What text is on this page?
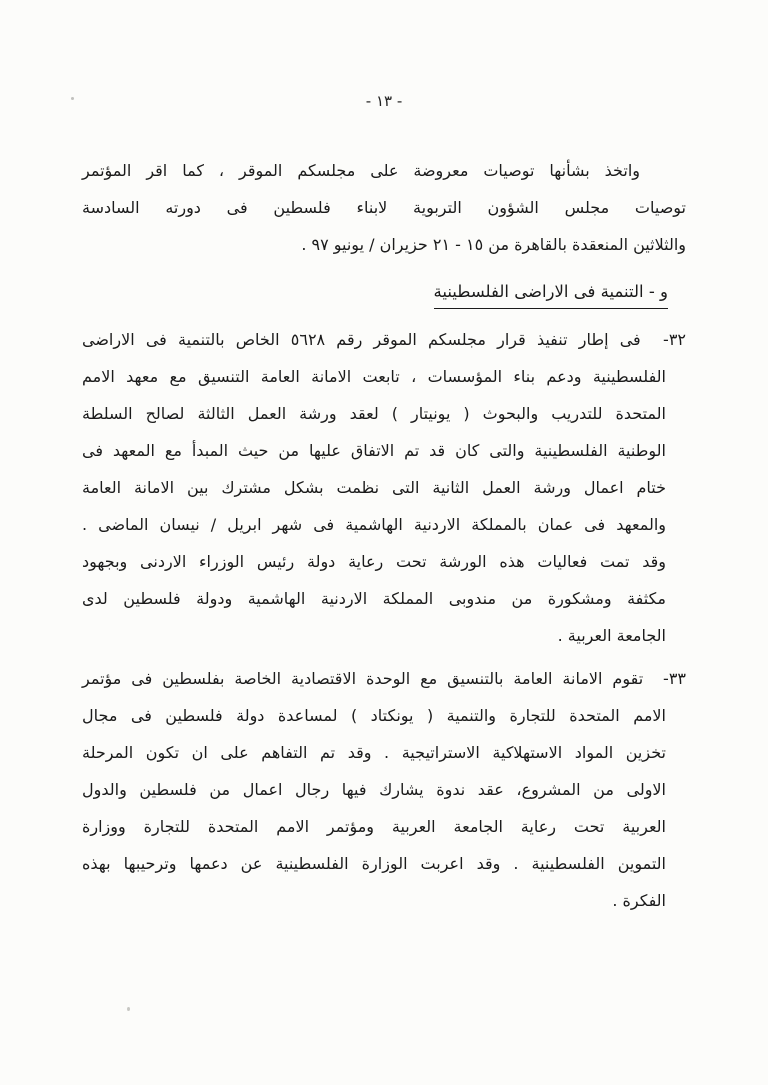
- ١٣ -
واتخذ بشأنها توصيات معروضة على مجلسكم الموقر ، كما اقر المؤتمر
توصيات مجلس الشؤون التربوية لابناء فلسطين فى دورته السادسة
والثلاثين المنعقدة بالقاهرة من ١٥ - ٢١ حزيران / يونيو ٩٧ .
و - التنمية فى الاراضى الفلسطينية
٣٢-  فى إطار تنفيذ قرار مجلسكم الموقر رقم ٥٦٢٨ الخاص بالتنمية فى الاراضى
الفلسطينية ودعم بناء المؤسسات ، تابعت الامانة العامة التنسيق مع معهد الامم
المتحدة للتدريب والبحوث ( يونيتار ) لعقد ورشة العمل الثالثة لصالح السلطة
الوطنية الفلسطينية والتى كان قد تم الاتفاق عليها من حيث المبدأ مع المعهد فى
ختام اعمال ورشة العمل الثانية التى نظمت بشكل مشترك بين الامانة العامة
والمعهد فى عمان بالمملكة الاردنية الهاشمية فى شهر ابريل / نيسان الماضى .
وقد تمت فعاليات هذه الورشة تحت رعاية دولة رئيس الوزراء الاردنى وبجهود
مكثفة ومشكورة من مندوبى المملكة الاردنية الهاشمية ودولة فلسطين لدى
الجامعة العربية .
٣٣-  تقوم الامانة العامة بالتنسيق مع الوحدة الاقتصادية الخاصة بفلسطين فى مؤتمر
الامم المتحدة للتجارة والتنمية ( يونكتاد ) لمساعدة دولة فلسطين فى مجال
تخزين المواد الاستهلاكية الاستراتيجية . وقد تم التفاهم على ان تكون المرحلة
الاولى من المشروع، عقد ندوة يشارك فيها رجال اعمال من فلسطين والدول
العربية تحت رعاية الجامعة العربية ومؤتمر الامم المتحدة للتجارة ووزارة
التموين الفلسطينية . وقد اعربت الوزارة الفلسطينية عن دعمها وترحيبها بهذه
الفكرة .
